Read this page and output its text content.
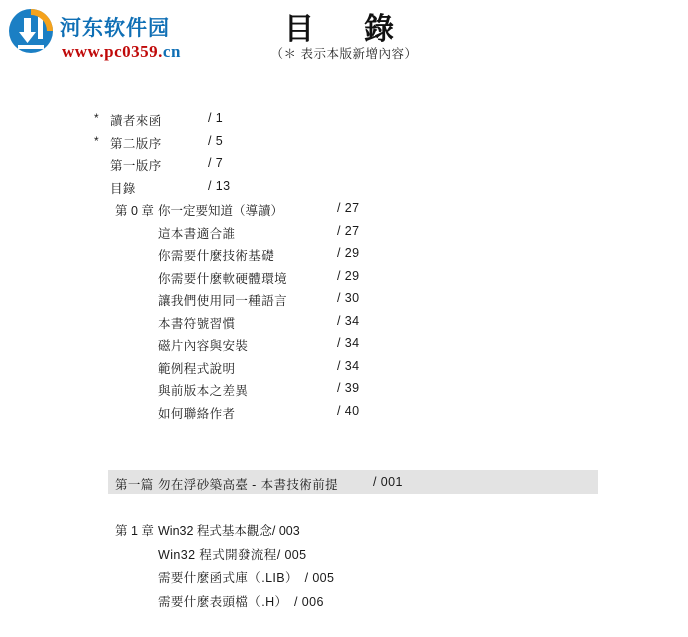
河东软件园
www.pc0359.cn
目　錄
（＊ 表示本版新增內容）
* 讀者來函	/ 1
* 第二版序	/ 5
第一版序	/ 7
目錄	/ 13
第 0 章 你一定要知道（導讀）	/ 27
這本書適合誰	/ 27
你需要什麼技術基礎	/ 29
你需要什麼軟硬體環境	/ 29
讓我們使用同一種語言	/ 30
本書符號習慣	/ 34
磁片內容與安裝	/ 34
範例程式說明	/ 34
與前版本之差異	/ 39
如何聯絡作者	/ 40
第一篇 勿在浮砂築高臺 - 本書技術前提	/ 001
第 1 章 Win32 程式基本觀念/ 003
Win32 程式開發流程/ 005
需要什麼函式庫（.LIB）　/ 005
需要什麼表頭檔（.H）　/ 006
